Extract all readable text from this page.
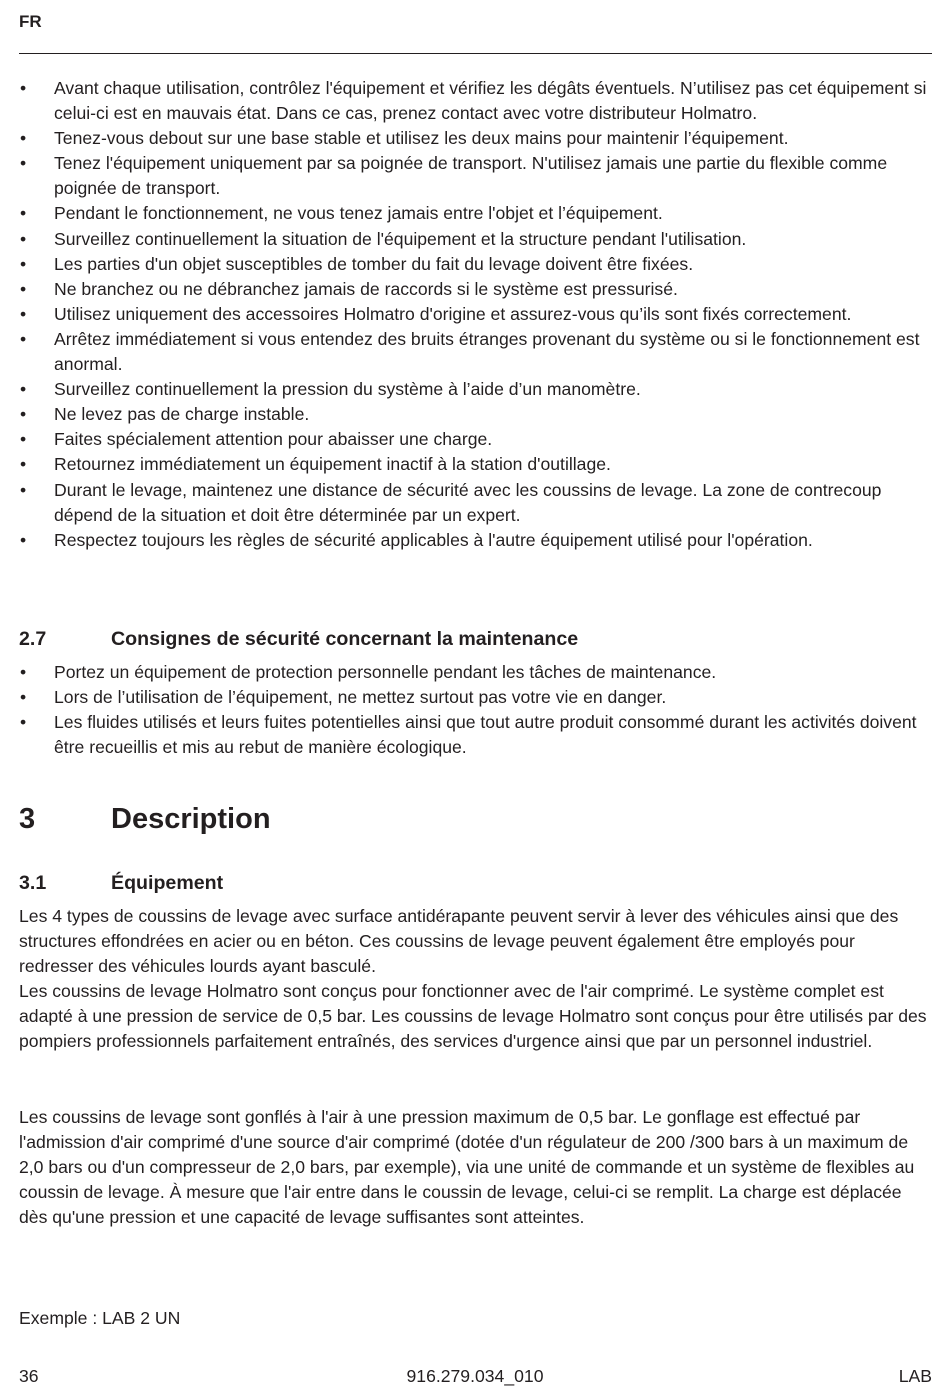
FR
• Avant chaque utilisation, contrôlez l'équipement et vérifiez les dégâts éventuels. N’utilisez pas cet équipement si celui-ci est en mauvais état. Dans ce cas, prenez contact avec votre distributeur Holmatro.
• Tenez-vous debout sur une base stable et utilisez les deux mains pour maintenir l’équipement.
• Tenez l'équipement uniquement par sa poignée de transport. N'utilisez jamais une partie du flexible comme poignée de transport.
• Pendant le fonctionnement, ne vous tenez jamais entre l'objet et l’équipement.
• Surveillez continuellement la situation de l'équipement et la structure pendant l'utilisation.
• Les parties d'un objet susceptibles de tomber du fait du levage doivent être fixées.
• Ne branchez ou ne débranchez jamais de raccords si le système est pressurisé.
• Utilisez uniquement des accessoires Holmatro d'origine et assurez-vous qu’ils sont fixés correctement.
• Arrêtez immédiatement si vous entendez des bruits étranges provenant du système ou si le fonctionnement est anormal.
• Surveillez continuellement la pression du système à l’aide d’un manomètre.
• Ne levez pas de charge instable.
• Faites spécialement attention pour abaisser une charge.
• Retournez immédiatement un équipement inactif à la station d'outillage.
• Durant le levage, maintenez une distance de sécurité avec les coussins de levage. La zone de contrecoup dépend de la situation et doit être déterminée par un expert.
• Respectez toujours les règles de sécurité applicables à l'autre équipement utilisé pour l'opération.
2.7	Consignes de sécurité concernant la maintenance
• Portez un équipement de protection personnelle pendant les tâches de maintenance.
• Lors de l’utilisation de l’équipement, ne mettez surtout pas votre vie en danger.
• Les fluides utilisés et leurs fuites potentielles ainsi que tout autre produit consommé durant les activités doivent être recueillis et mis au rebut de manière écologique.
3	Description
3.1	Équipement
Les 4 types de coussins de levage avec surface antidérapante peuvent servir à lever des véhicules ainsi que des structures effondrées en acier ou en béton. Ces coussins de levage peuvent également être employés pour redresser des véhicules lourds ayant basculé.
Les coussins de levage Holmatro sont conçus pour fonctionner avec de l'air comprimé. Le système complet est adapté à une pression de service de 0,5 bar. Les coussins de levage Holmatro sont conçus pour être utilisés par des pompiers professionnels parfaitement entraînés, des services d'urgence ainsi que par un personnel industriel.

Les coussins de levage sont gonflés à l'air à une pression maximum de 0,5 bar. Le gonflage est effectué par l'admission d'air comprimé d'une source d'air comprimé (dotée d'un régulateur de 200 /300 bars à un maximum de 2,0 bars ou d'un compresseur de 2,0 bars, par exemple), via une unité de commande et un système de flexibles au coussin de levage. À mesure que l'air entre dans le coussin de levage, celui-ci se remplit. La charge est déplacée dès qu'une pression et une capacité de levage suffisantes sont atteintes.

Exemple : LAB 2 UN

916.279.034_010
36	LAB
